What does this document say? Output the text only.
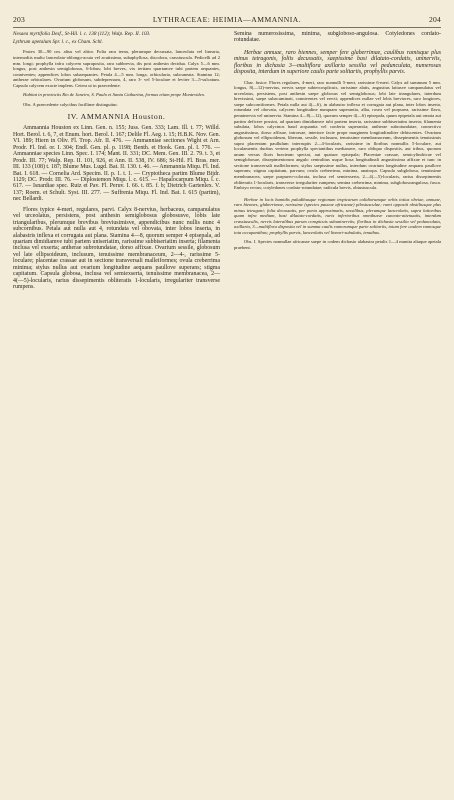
203	LYTHRACEAE: HEIMIA—AMMANNIA.	204

Nesaea myrtifolia Desf., St-Hil. l. c. 138 (112); Walp. Rep. II. 103.

Lythrum apetalum Spr. l. c., ex Cham. Schl.

Frutex 30—90 cm. altus vel altior. Folia rara terna, plerumque decussata, lanceolata vel linearia, internodiis multo lanceolato-oblongo-acuta vel acutissima, subaphyllosa, discolora, crassiuscula. Pedicelli ad 2 mm. longi; prophylla infra calycem supraposita, rara subbrevia, dis post anthesin decidua. Calyx 5—6 mm. longus, post anthesin semiglobosus, 6-lobus; lobi breves, vix tertiam quartamve tubi partem aequantes, conniventes; appendices lobos subaequantes. Petala 4—5 mm. longa, orbicularia, subcuneata. Stamina 12; antherae orbiculares. Ovarium globosum, subdepressum, 4, raro 3- vel 5-loculare et leviter 3—5-sulcatum. Capsula calycem exacte implens. Cetera ut in praecedente.

Habitat in provinciis Rio de Janeiro, S. Paulo et Santa Catharina, formas etiam prope Montevideo.

Obs. A praecedente calycibus facillime distinguitur.

IV. AMMANNIA Houston.

Ammannia Houston ex Linn. Gen. n. 155; Juss. Gen. 333; Lam. Ill. t. 77; Willd. Hort. Berol. t. 6, 7, et Enum. hort. Berol. I. 167; Delile Fl. Aeg. t. 15; H.B.K. Nov. Gen. VI. 189; Hiern in Oliv. Fl. Trop. Afr. II. 476. — Ammanniae sectiones Wight et Arn. Prodr. Fl. Ind. or. I. 304; Endl. Gen. pl. p. 1198; Benth. et Hook. Gen. pl. I. 776. — Ammanniae species Linn. Spec. I. 174; Mant. II. 331; DC. Mem. Gen. III. 2. 79. t. 3, et Prodr. III. 77; Walp. Rep. II. 101, 926, et Ann. II. 538, IV. 686; St-Hil. Fl. Bras. mer. III. 133 (108) t. 187; Blume Mus. Lugd. Bat. II. 130. t. 46. — Ammannia Miqu. Fl. Ind. Bat. I. 618. — Cornelia Ard. Specim. II. p. 1. t. 1. — Cryptotheca partim Blume Bijdr. 1129; DC. Prodr. III. 76. — Diplostemon Miqu. l. c. 615. — Hapalocarpum Miqu. l. c. 617. — Isnardiae spec. Ruiz et Pav. Fl. Peruv. I. 66. t. 85. f. b; Dietrich Gartenlex. V. 137; Roem. et Schult. Syst. III. 277. — Suffrenia Miqu. Fl. Ind. Bat. I. 615 (partim), nec Bellardi.

Flores typice 4-meri, regulares, parvi. Calyx 8-nervius, herbaceus, campanulatus vel urceolatus, persistens, post anthesin semiglobosus globosusve, lobis late triangularibus, plerumque brevibus breviusimisve, appendicibus nunc nullis nunc 4 subcornibus. Petala aut nulla aut 4, rotundata vel obovata, inter lobos inserta, in alabastris inflexa et corrugata aut plana. Stamina 4—8, quorum semper 4 episepala, ad quartam dimidiamve tubi partem uniseriatim, rarissime subbiseriatim inserta; filamenta inclusa vel exserta; antherae subrotundatae, dorso affixae. Ovarium sessile, globosum vel late ellipsoideum, inclusum, tenuissime membranaceum, 2—4-, rarissime 5-loculare; placentae crassae aut in sectione transversali malleiformes; ovula creberrima minima; stylus nullus aut ovarium longitudine aequans paullove superans; stigma capitatum. Capsula globosa, inclusa vel semiexserta, tenuissime membranacea, 2—4(—5)-locularis, rarius dissepimentis obliteratis 1-locularis, irregulariter transverse rumpens.

Semina numerosissima, minima, subgloboso-angulosa. Cotyledones cordato-rotundatae.

Herbae annuae, raro biennes, semper fere glaberrimae, caulibus ramisque plus minus tetragonis, foliis decussatis, saepissime basi dilatato-cordatis, uninerviis, floribus in dichasia 3—multiflora axillaria sessilia vel pedunculata, numerosas disposita, interdum in superiore caulis parte solitariis, prophyllis parvis.

Char. fusior: Flores regulares, 4-meri, raro nonnulli 5-meri, rarissime 6-meri. Calyx ad summum 5 mm. longus, 8(—12)-nervius, nervis saepe subtercosplicuis, rarissime alatis, angustius latiusve campanulatus vel urceolatus, persistens, post anthesin saepe globosus vel semiglobosus; lobi late triangulares, interdum brevissimi, saepe subacuminati, conniventes vel erecti; appendices nullae vel lobis breviores, raro longiores, saepe subcorniformes. Petala nulla aut 4(—6), in alabastro inflexa et corrugata aut plana, inter lobos inserta, rotundata vel obovata, calycem longitudine nunquam superantia, alba, rosea vel purpurea, rarissime flava, penninervia vel uninervia. Stamina 4—8(—12), quorum semper 4(—6) episepala, quum epipetala aut omnia aut partim deficere possint, ad quartam dimidiamve tubi partem inserta, rarissime subbiseriatim inserta; filamenta subulata, lobos calycinos haud acquantia vel conferta superantia; antherae subrotundatae, connectivo angustissimo, dorso affixae, introrsae, interiore facie prope marginem longitudinaliter dehiscentes. Ovarium globosum vel ellipsoideum, liberum, sessile, inclusum, tenuissime membranaceum, dissepimentis tenuissimis supra placentam paullulum interruptis 2—4-locularis, rarissime in floribus nonnullis 5-loculare, aut loculamentis duobus vertens prophylla spectantibus medianave, raro obliquo dispositis, aut tribus, quorum unum versus floris bracteam spectat, aut quatuor episepala; Placentae crassae, semicylindricae vel semiglobosae, dissepimentorum angulo centralitus usque liosa longitudinali angustissima affixae et tunc in sectione transversali malleiformes; stylus saepissime nullus, interdum ovarium longitudine aequans paullove superans; stigma capitatum, parvum; ovula creberrima, minima, anatropa. Capsula subglobosa, tenuissime membranacea, saepe purpureo-colorata, inclusa vel semiexserta, 2—4(—5)-locularis, rarius dissepimentis obliteratis 1-locularis, transverse irregulariter rumpens; semina creberrima, minima, subglobosoangulosa, fusca. Embryo rectus; cotyledones cordato-rotundatae; radicula brevis, obtusiuscula.

Herbae in locis humidis paludibusque regionum tropicarum calidiorumque orbis totius obviae, annuae, raro biennes, glaberrimae, rarissime (species paucae africanae) pilosiusculae; rami oppositi obstiliusque plus minus tetragoni; folia decussatis, per paria approximatis, sessilibus, plerumque lanceolatis, supra latioribus quam infra medium, basi dilatato-cordatis, raris inferioribus omnibusve cuneato-attenuatis, interdum crassiusculis, nervis lateralibus parum conspicuis subuninerviis; floribus in dichasia sessilia vel pedunculata, axillaria, 3—multiflora disposita vel in summa caulis ramorumque parte solitariis, totum fere caulem ramosque tota occupantibus; prophyllis parvis, lanceolatis vel lineari-subulatis, tenuibus.

Obs. I. Species nonnullae africanae saepe in codem dichasio alabastra petalis 1—4 munita aliaque apetala praebent.
